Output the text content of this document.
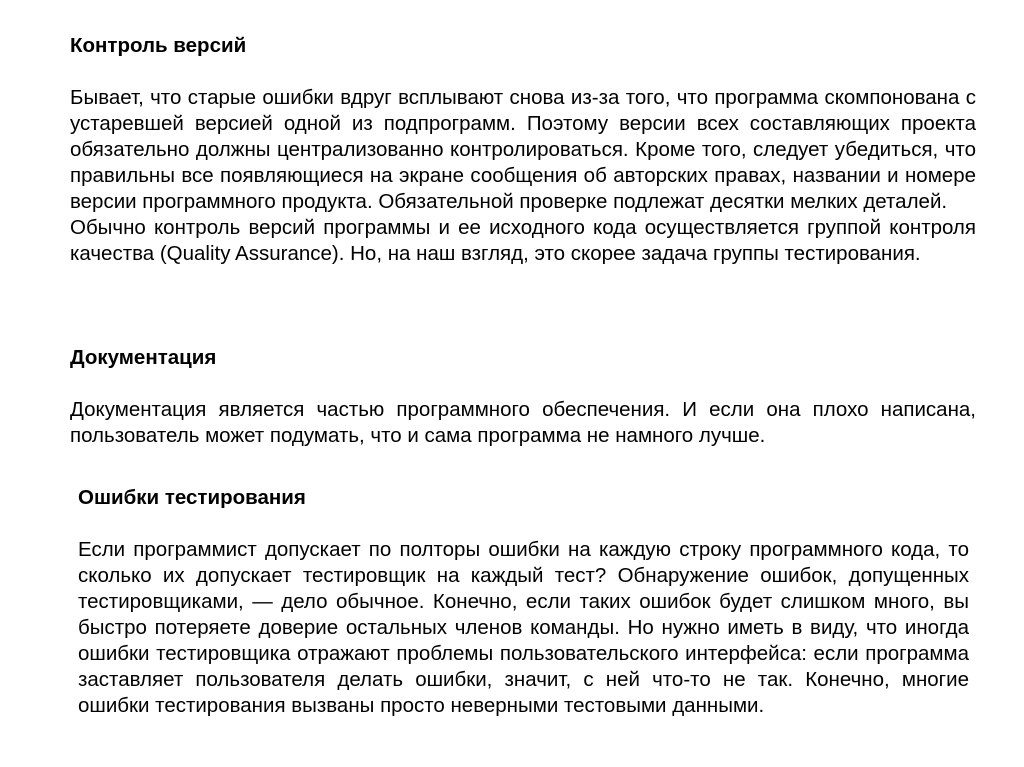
Контроль версий

Бывает, что старые ошибки вдруг всплывают снова из-за того, что программа скомпонована с устаревшей версией одной из подпрограмм. Поэтому версии всех составляющих проекта обязательно должны централизованно контролироваться. Кроме того, следует убедиться, что правильны все появляющиеся на экране сообщения об авторских правах, названии и номере версии программного продукта. Обязательной проверке подлежат десятки мелких деталей.

Обычно контроль версий программы и ее исходного кода осуществляется группой контроля качества (Quality Assurance). Но, на наш взгляд, это скорее задача группы тестирования.

Документация

Документация является частью программного обеспечения. И если она плохо написана, пользователь может подумать, что и сама программа не намного лучше.

Ошибки тестирования

Если программист допускает по полторы ошибки на каждую строку программного кода, то сколько их допускает тестировщик на каждый тест? Обнаружение ошибок, допущенных тестировщиками, — дело обычное. Конечно, если таких ошибок будет слишком много, вы быстро потеряете доверие остальных членов команды. Но нужно иметь в виду, что иногда ошибки тестировщика отражают проблемы пользовательского интерфейса: если программа заставляет пользователя делать ошибки, значит, с ней что-то не так. Конечно, многие ошибки тестирования вызваны просто неверными тестовыми данными.
